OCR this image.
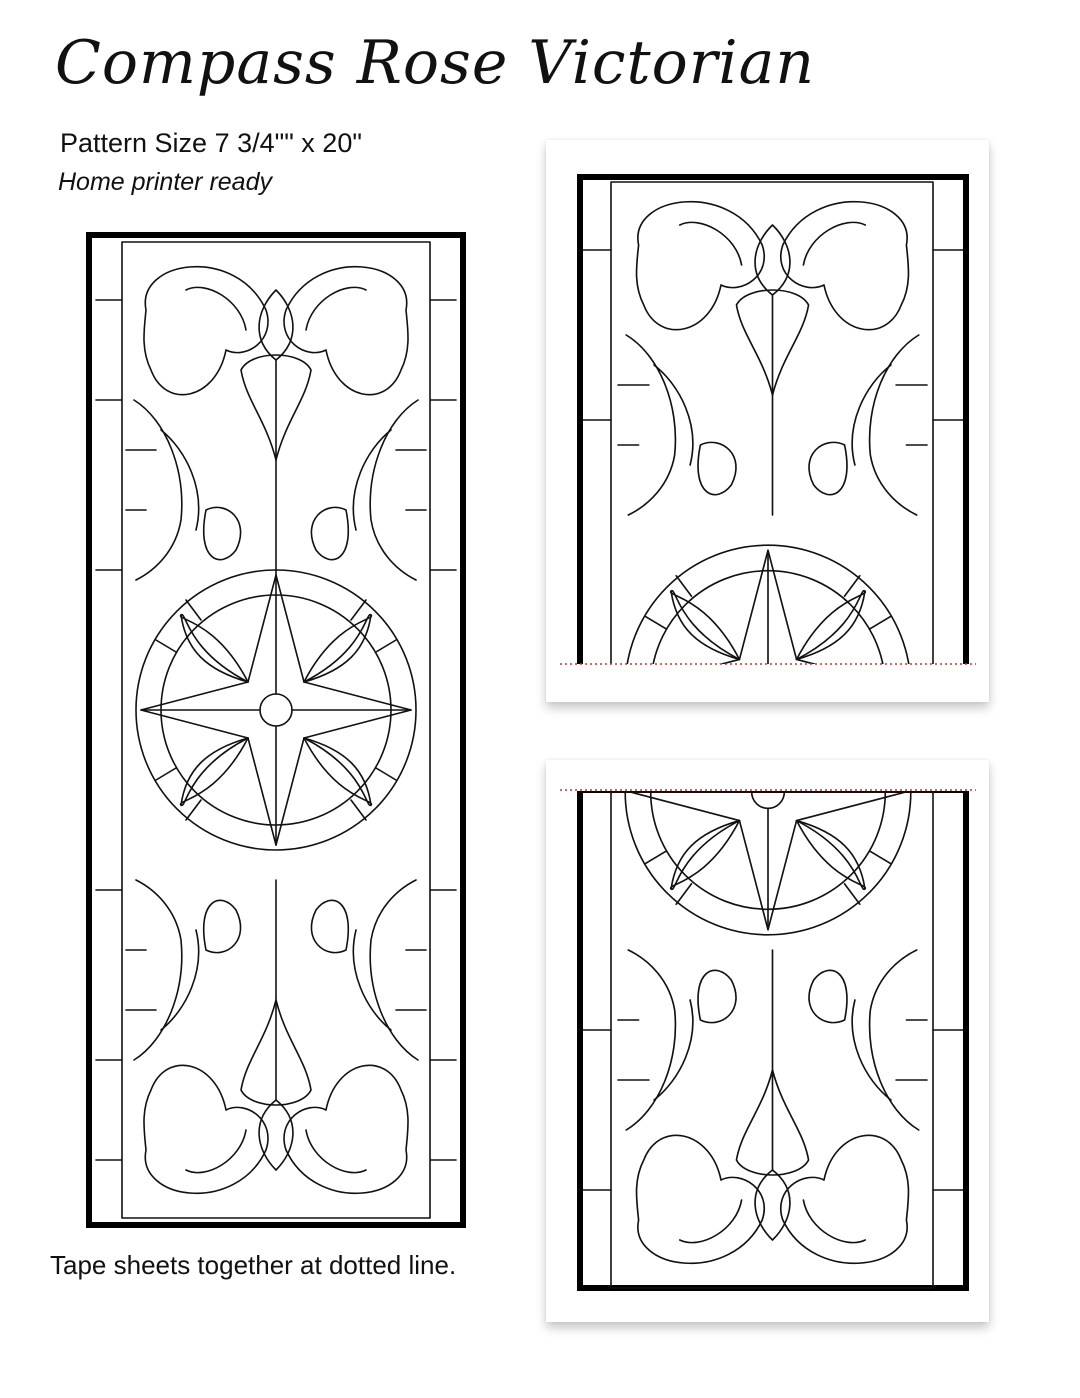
Compass Rose Victorian
Pattern Size 7 3/4"" x 20"
Home printer ready
Tape sheets together at dotted line.
